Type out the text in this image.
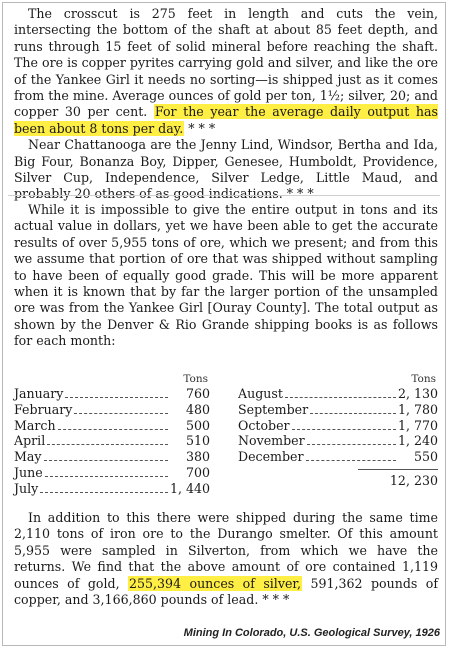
The crosscut is 275 feet in length and cuts the vein, intersecting the bottom of the shaft at about 85 feet depth, and runs through 15 feet of solid mineral before reaching the shaft. The ore is copper pyrites carrying gold and silver, and like the ore of the Yankee Girl it needs no sorting—is shipped just as it comes from the mine. Average ounces of gold per ton, 1½; silver, 20; and copper 30 per cent. For the year the average daily output has been about 8 tons per day. * * *
Near Chattanooga are the Jenny Lind, Windsor, Bertha and Ida, Big Four, Bonanza Boy, Dipper, Genesee, Humboldt, Providence, Silver Cup, Independence, Silver Ledge, Little Maud, and probably 20 others of as good indications. * * *
While it is impossible to give the entire output in tons and its actual value in dollars, yet we have been able to get the accurate results of over 5,955 tons of ore, which we present; and from this we assume that portion of ore that was shipped without sampling to have been of equally good grade. This will be more apparent when it is known that by far the larger portion of the unsampled ore was from the Yankee Girl [Ouray County]. The total output as shown by the Denver & Rio Grande shipping books is as follows for each month:
Tons
January	760
February	480
March	500
April	510
May	380
June	700
July	1, 440
Tons
August	2, 130
September	1, 780
October	1, 770
November	1, 240
December	550
12, 230
In addition to this there were shipped during the same time 2,110 tons of iron ore to the Durango smelter. Of this amount 5,955 were sampled in Silverton, from which we have the returns. We find that the above amount of ore contained 1,119 ounces of gold, 255,394 ounces of silver, 591,362 pounds of copper, and 3,166,860 pounds of lead. * * *
Mining In Colorado, U.S. Geological Survey, 1926
